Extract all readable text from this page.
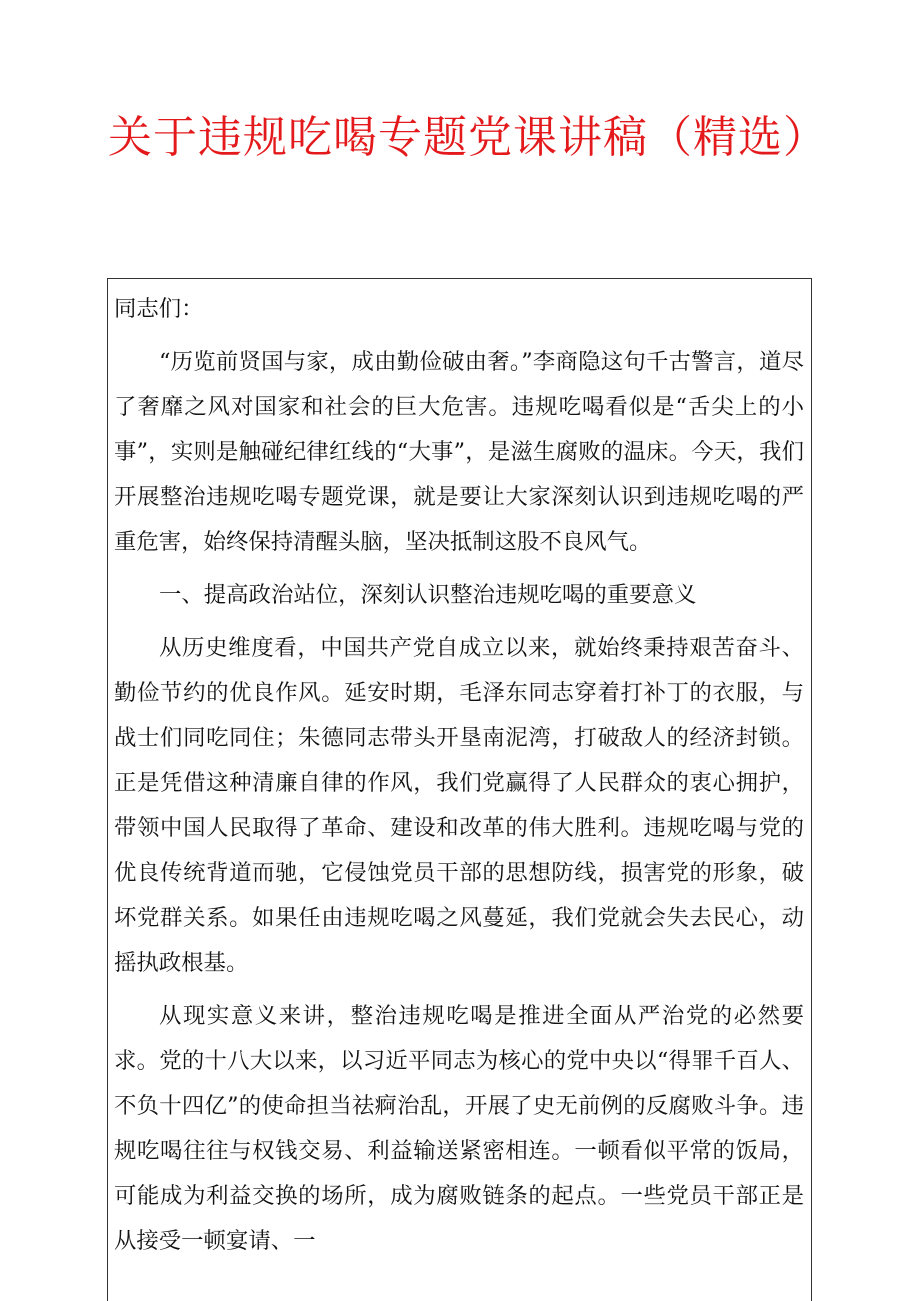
关于违规吃喝专题党课讲稿（精选）

同志们：

“历览前贤国与家，成由勤俭破由奢。”李商隐这句千古警言，道尽了奢靡之风对国家和社会的巨大危害。违规吃喝看似是“舌尖上的小事”，实则是触碰纪律红线的“大事”，是滋生腐败的温床。今天，我们开展整治违规吃喝专题党课，就是要让大家深刻认识到违规吃喝的严重危害，始终保持清醒头脑，坚决抵制这股不良风气。

一、提高政治站位，深刻认识整治违规吃喝的重要意义

从历史维度看，中国共产党自成立以来，就始终秉持艰苦奋斗、勤俭节约的优良作风。延安时期，毛泽东同志穿着打补丁的衣服，与战士们同吃同住；朱德同志带头开垦南泥湾，打破敌人的经济封锁。正是凭借这种清廉自律的作风，我们党赢得了人民群众的衷心拥护，带领中国人民取得了革命、建设和改革的伟大胜利。违规吃喝与党的优良传统背道而驰，它侵蚀党员干部的思想防线，损害党的形象，破坏党群关系。如果任由违规吃喝之风蔓延，我们党就会失去民心，动摇执政根基。

从现实意义来讲，整治违规吃喝是推进全面从严治党的必然要求。党的十八大以来，以习近平同志为核心的党中央以“得罪千百人、不负十四亿”的使命担当祛痾治乱，开展了史无前例的反腐败斗争。违规吃喝往往与权钱交易、利益输送紧密相连。一顿看似平常的饭局，可能成为利益交换的场所，成为腐败链条的起点。一些党员干部正是从接受一顿宴请、一
